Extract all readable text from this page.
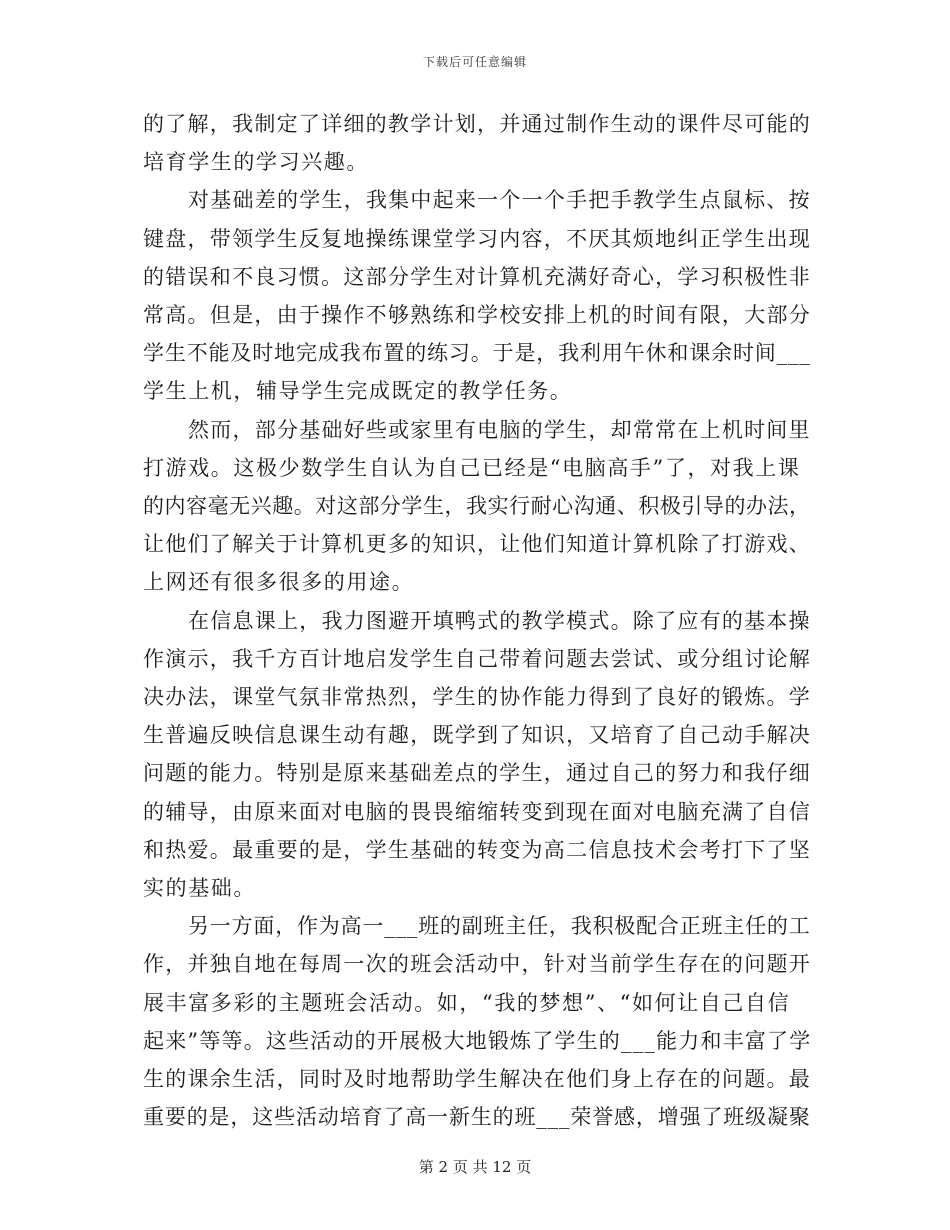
下载后可任意编辑
的了解，我制定了详细的教学计划，并通过制作生动的课件尽可能的
培育学生的学习兴趣。
对基础差的学生，我集中起来一个一个手把手教学生点鼠标、按
键盘，带领学生反复地操练课堂学习内容，不厌其烦地纠正学生出现
的错误和不良习惯。这部分学生对计算机充满好奇心，学习积极性非
常高。但是，由于操作不够熟练和学校安排上机的时间有限，大部分
学生不能及时地完成我布置的练习。于是，我利用午休和课余时间___
学生上机，辅导学生完成既定的教学任务。
然而，部分基础好些或家里有电脑的学生，却常常在上机时间里
打游戏。这极少数学生自认为自己已经是“电脑高手”了，对我上课
的内容毫无兴趣。对这部分学生，我实行耐心沟通、积极引导的办法，
让他们了解关于计算机更多的知识，让他们知道计算机除了打游戏、
上网还有很多很多的用途。
在信息课上，我力图避开填鸭式的教学模式。除了应有的基本操
作演示，我千方百计地启发学生自己带着问题去尝试、或分组讨论解
决办法，课堂气氛非常热烈，学生的协作能力得到了良好的锻炼。学
生普遍反映信息课生动有趣，既学到了知识，又培育了自己动手解决
问题的能力。特别是原来基础差点的学生，通过自己的努力和我仔细
的辅导，由原来面对电脑的畏畏缩缩转变到现在面对电脑充满了自信
和热爱。最重要的是，学生基础的转变为高二信息技术会考打下了坚
实的基础。
另一方面，作为高一___班的副班主任，我积极配合正班主任的工
作，并独自地在每周一次的班会活动中，针对当前学生存在的问题开
展丰富多彩的主题班会活动。如，“我的梦想”、“如何让自己自信
起来”等等。这些活动的开展极大地锻炼了学生的___能力和丰富了学
生的课余生活，同时及时地帮助学生解决在他们身上存在的问题。最
重要的是，这些活动培育了高一新生的班___荣誉感，增强了班级凝聚
第 2 页 共 12 页
